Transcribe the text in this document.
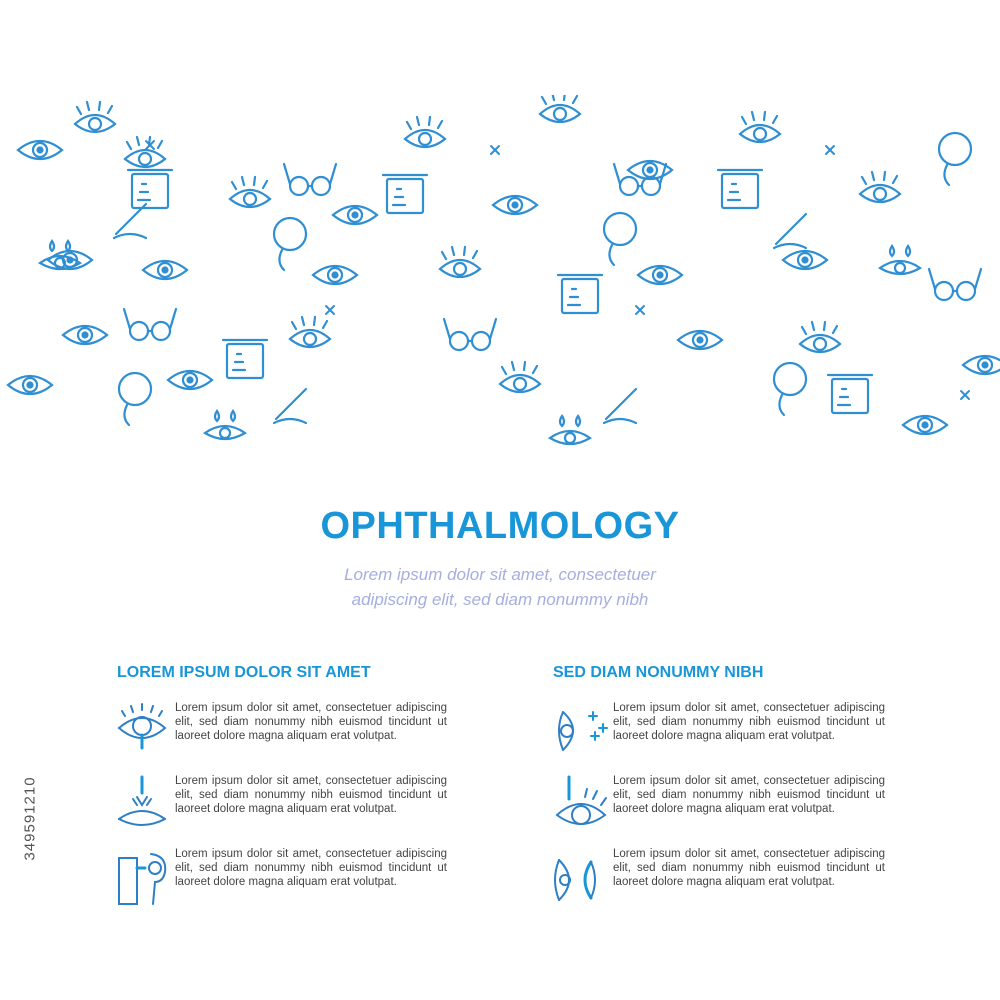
349591210
OPHTHALMOLOGY
Lorem ipsum dolor sit amet, consectetuer
adipiscing elit, sed diam nonummy nibh
LOREM IPSUM DOLOR SIT AMET
Lorem ipsum dolor sit amet, consectetuer adipiscing elit, sed diam nonummy nibh euismod tincidunt ut laoreet dolore magna aliquam erat volutpat.
Lorem ipsum dolor sit amet, consectetuer adipiscing elit, sed diam nonummy nibh euismod tincidunt ut laoreet dolore magna aliquam erat volutpat.
Lorem ipsum dolor sit amet, consectetuer adipiscing elit, sed diam nonummy nibh euismod tincidunt ut laoreet dolore magna aliquam erat volutpat.
SED DIAM NONUMMY NIBH
Lorem ipsum dolor sit amet, consectetuer adipiscing elit, sed diam nonummy nibh euismod tincidunt ut laoreet dolore magna aliquam erat volutpat.
Lorem ipsum dolor sit amet, consectetuer adipiscing elit, sed diam nonummy nibh euismod tincidunt ut laoreet dolore magna aliquam erat volutpat.
Lorem ipsum dolor sit amet, consectetuer adipiscing elit, sed diam nonummy nibh euismod tincidunt ut laoreet dolore magna aliquam erat volutpat.
